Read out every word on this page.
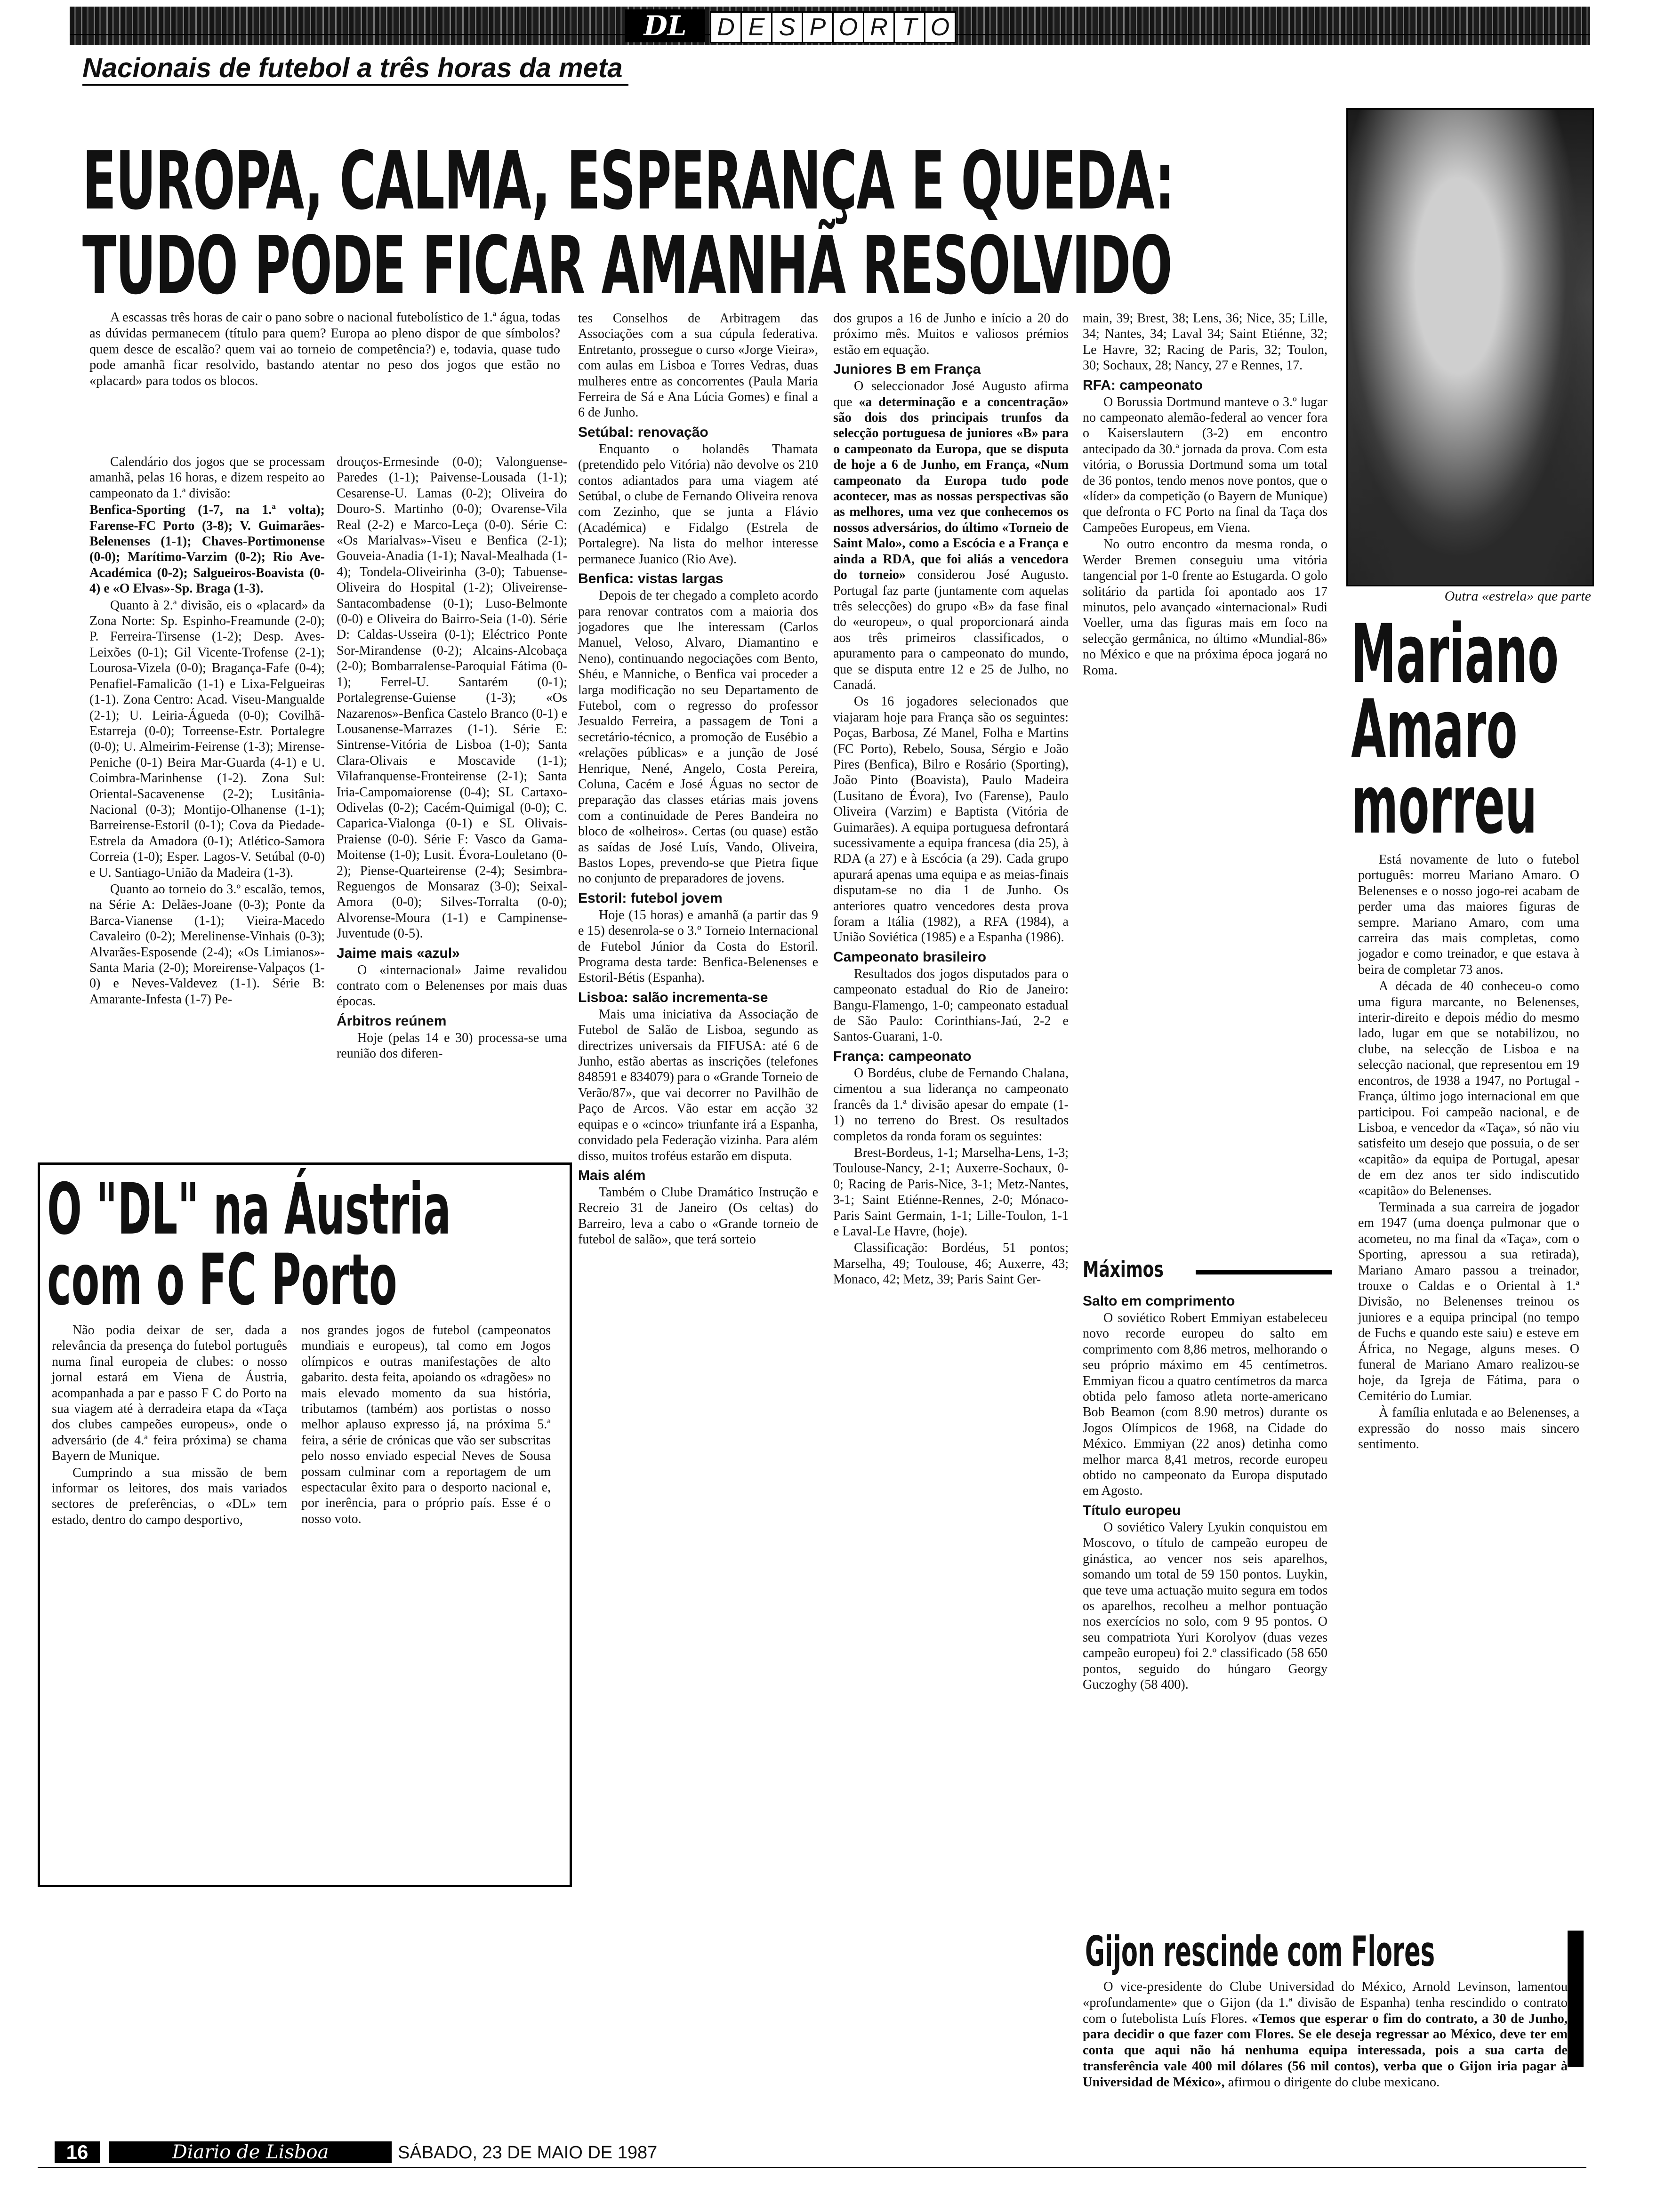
DL	D E S P O R T O
Nacionais de futebol a três horas da meta
EUROPA, CALMA, ESPERANÇA E QUEDA:
TUDO PODE FICAR AMANHÃ RESOLVIDO

A escassas três horas de cair o pano sobre o nacional futebolístico de 1.ª água, todas as dúvidas permanecem (título para quem? Europa ao pleno dispor de que símbolos? quem desce de escalão? quem vai ao torneio de competência?) e, todavia, quase tudo pode amanhã ficar resolvido, bastando atentar no peso dos jogos que estão no «placard» para todos os blocos.

Calendário dos jogos que se processam amanhã, pelas 16 horas, e dizem respeito ao campeonato da 1.ª divisão:

Benfica-Sporting (1-7, na 1.ª volta); Farense-FC Porto (3-8); V. Guimarães-Belenenses (1-1); Chaves-Portimonense (0-0); Marítimo-Varzim (0-2); Rio Ave-Académica (0-2); Salgueiros-Boavista (0-4) e «O Elvas»-Sp. Braga (1-3).

Quanto à 2.ª divisão, eis o «placard» da Zona Norte: Sp. Espinho-Freamunde (2-0); P. Ferreira-Tirsense (1-2); Desp. Aves-Leixões (0-1); Gil Vicente-Trofense (2-1); Lourosa-Vizela (0-0); Bragança-Fafe (0-4); Penafiel-Famalicão (1-1) e Lixa-Felgueiras (1-1). Zona Centro: Acad. Viseu-Mangualde (2-1); U. Leiria-Águeda (0-0); Covilhã-Estarreja (0-0); Torreense-Estr. Portalegre (0-0); U. Almeirim-Feirense (1-3); Mirense-Peniche (0-1) Beira Mar-Guarda (4-1) e U. Coimbra-Marinhense (1-2). Zona Sul: Oriental-Sacavenense (2-2); Lusitânia-Nacional (0-3); Montijo-Olhanense (1-1); Barreirense-Estoril (0-1); Cova da Piedade-Estrela da Amadora (0-1); Atlético-Samora Correia (1-0); Esper. Lagos-V. Setúbal (0-0) e U. Santiago-União da Madeira (1-3).

Quanto ao torneio do 3.º escalão, temos, na Série A: Delães-Joane (0-3); Ponte da Barca-Vianense (1-1); Vieira-Macedo Cavaleiro (0-2); Merelinense-Vinhais (0-3); Alvarães-Esposende (2-4); «Os Limianos»-Santa Maria (2-0); Moreirense-Valpaços (1-0) e Neves-Valdevez (1-1). Série B: Amarante-Infesta (1-7) Pe-

drouços-Ermesinde (0-0); Valonguense-Paredes (1-1); Paivense-Lousada (1-1); Cesarense-U. Lamas (0-2); Oliveira do Douro-S. Martinho (0-0); Ovarense-Vila Real (2-2) e Marco-Leça (0-0). Série C: «Os Marialvas»-Viseu e Benfica (2-1); Gouveia-Anadia (1-1); Naval-Mealhada (1-4); Tondela-Oliveirinha (3-0); Tabuense-Oliveira do Hospital (1-2); Oliveirense-Santacombadense (0-1); Luso-Belmonte (0-0) e Oliveira do Bairro-Seia (1-0). Série D: Caldas-Usseira (0-1); Eléctrico Ponte Sor-Mirandense (0-2); Alcains-Alcobaça (2-0); Bombarralense-Paroquial Fátima (0-1); Ferrel-U. Santarém (0-1); Portalegrense-Guiense (1-3); «Os Nazarenos»-Benfica Castelo Branco (0-1) e Lousanense-Marrazes (1-1). Série E: Sintrense-Vitória de Lisboa (1-0); Santa Clara-Olivais e Moscavide (1-1); Vilafranquense-Fronteirense (2-1); Santa Iria-Campomaiorense (0-4); SL Cartaxo-Odivelas (0-2); Cacém-Quimigal (0-0); C. Caparica-Vialonga (0-1) e SL Olivais-Praiense (0-0). Série F: Vasco da Gama-Moitense (1-0); Lusit. Évora-Louletano (0-2); Piense-Quarteirense (2-4); Sesimbra-Reguengos de Monsaraz (3-0); Seixal-Amora (0-0); Silves-Torralta (0-0); Alvorense-Moura (1-1) e Campinense-Juventude (0-5).

Jaime mais «azul»

O «internacional» Jaime revalidou contrato com o Belenenses por mais duas épocas.

Árbitros reúnem

Hoje (pelas 14 e 30) processa-se uma reunião dos diferen-

tes Conselhos de Arbitragem das Associações com a sua cúpula federativa. Entretanto, prossegue o curso «Jorge Vieira», com aulas em Lisboa e Torres Vedras, duas mulheres entre as concorrentes (Paula Maria Ferreira de Sá e Ana Lúcia Gomes) e final a 6 de Junho.

Setúbal: renovação

Enquanto o holandês Thamata (pretendido pelo Vitória) não devolve os 210 contos adiantados para uma viagem até Setúbal, o clube de Fernando Oliveira renova com Zezinho, que se junta a Flávio (Académica) e Fidalgo (Estrela de Portalegre). Na lista do melhor interesse permanece Juanico (Rio Ave).

Benfica: vistas largas

Depois de ter chegado a completo acordo para renovar contratos com a maioria dos jogadores que lhe interessam (Carlos Manuel, Veloso, Alvaro, Diamantino e Neno), continuando negociações com Bento, Shéu, e Manniche, o Benfica vai proceder a larga modificação no seu Departamento de Futebol, com o regresso do professor Jesualdo Ferreira, a passagem de Toni a secretário-técnico, a promoção de Eusébio a «relações públicas» e a junção de José Henrique, Nené, Angelo, Costa Pereira, Coluna, Cacém e José Águas no sector de preparação das classes etárias mais jovens com a continuidade de Peres Bandeira no bloco de «olheiros». Certas (ou quase) estão as saídas de José Luís, Vando, Oliveira, Bastos Lopes, prevendo-se que Pietra fique no conjunto de preparadores de jovens.

Estoril: futebol jovem

Hoje (15 horas) e amanhã (a partir das 9 e 15) desenrola-se o 3.º Torneio Internacional de Futebol Júnior da Costa do Estoril. Programa desta tarde: Benfica-Belenenses e Estoril-Bétis (Espanha).

Lisboa: salão incrementa-se

Mais uma iniciativa da Associação de Futebol de Salão de Lisboa, segundo as directrizes universais da FIFUSA: até 6 de Junho, estão abertas as inscrições (telefones 848591 e 834079) para o «Grande Torneio de Verão/87», que vai decorrer no Pavilhão de Paço de Arcos. Vão estar em acção 32 equipas e o «cinco» triunfante irá a Espanha, convidado pela Federação vizinha. Para além disso, muitos troféus estarão em disputa.

Mais além

Também o Clube Dramático Instrução e Recreio 31 de Janeiro (Os celtas) do Barreiro, leva a cabo o «Grande torneio de futebol de salão», que terá sorteio

dos grupos a 16 de Junho e início a 20 do próximo mês. Muitos e valiosos prémios estão em equação.

Juniores B em França

O seleccionador José Augusto afirma que «a determinação e a concentração» são dois dos principais trunfos da selecção portuguesa de juniores «B» para o campeonato da Europa, que se disputa de hoje a 6 de Junho, em França, «Num campeonato da Europa tudo pode acontecer, mas as nossas perspectivas são as melhores, uma vez que conhecemos os nossos adversários, do último «Torneio de Saint Malo», como a Escócia e a França e ainda a RDA, que foi aliás a vencedora do torneio» considerou José Augusto. Portugal faz parte (juntamente com aquelas três selecções) do grupo «B» da fase final do «europeu», o qual proporcionará ainda aos três primeiros classificados, o apuramento para o campeonato do mundo, que se disputa entre 12 e 25 de Julho, no Canadá.

Os 16 jogadores selecionados que viajaram hoje para França são os seguintes: Poças, Barbosa, Zé Manel, Folha e Martins (FC Porto), Rebelo, Sousa, Sérgio e João Pires (Benfica), Bilro e Rosário (Sporting), João Pinto (Boavista), Paulo Madeira (Lusitano de Évora), Ivo (Farense), Paulo Oliveira (Varzim) e Baptista (Vitória de Guimarães). A equipa portuguesa defrontará sucessivamente a equipa francesa (dia 25), à RDA (a 27) e à Escócia (a 29). Cada grupo apurará apenas uma equipa e as meias-finais disputam-se no dia 1 de Junho. Os anteriores quatro vencedores desta prova foram a Itália (1982), a RFA (1984), a União Soviética (1985) e a Espanha (1986).

Campeonato brasileiro

Resultados dos jogos disputados para o campeonato estadual do Rio de Janeiro: Bangu-Flamengo, 1-0; campeonato estadual de São Paulo: Corinthians-Jaú, 2-2 e Santos-Guarani, 1-0.

França: campeonato

O Bordéus, clube de Fernando Chalana, cimentou a sua liderança no campeonato francês da 1.ª divisão apesar do empate (1-1) no terreno do Brest. Os resultados completos da ronda foram os seguintes:

Brest-Bordeus, 1-1; Marselha-Lens, 1-3; Toulouse-Nancy, 2-1; Auxerre-Sochaux, 0-0; Racing de Paris-Nice, 3-1; Metz-Nantes, 3-1; Saint Etiénne-Rennes, 2-0; Mónaco-Paris Saint Germain, 1-1; Lille-Toulon, 1-1 e Laval-Le Havre, (hoje).

Classificação: Bordéus, 51 pontos; Marselha, 49; Toulouse, 46; Auxerre, 43; Monaco, 42; Metz, 39; Paris Saint Ger-

main, 39; Brest, 38; Lens, 36; Nice, 35; Lille, 34; Nantes, 34; Laval 34; Saint Etiénne, 32; Le Havre, 32; Racing de Paris, 32; Toulon, 30; Sochaux, 28; Nancy, 27 e Rennes, 17.

RFA: campeonato

O Borussia Dortmund manteve o 3.º lugar no campeonato alemão-federal ao vencer fora o Kaiserslautern (3-2) em encontro antecipado da 30.ª jornada da prova. Com esta vitória, o Borussia Dortmund soma um total de 36 pontos, tendo menos nove pontos, que o «líder» da competição (o Bayern de Munique) que defronta o FC Porto na final da Taça dos Campeões Europeus, em Viena.

No outro encontro da mesma ronda, o Werder Bremen conseguiu uma vitória tangencial por 1-0 frente ao Estugarda. O golo solitário da partida foi apontado aos 17 minutos, pelo avançado «internacional» Rudi Voeller, uma das figuras mais em foco na selecção germânica, no último «Mundial-86» no México e que na próxima época jogará no Roma.

Máximos
Salto em comprimento

O soviético Robert Emmiyan estabeleceu novo recorde europeu do salto em comprimento com 8,86 metros, melhorando o seu próprio máximo em 45 centímetros. Emmiyan ficou a quatro centímetros da marca obtida pelo famoso atleta norte-americano Bob Beamon (com 8.90 metros) durante os Jogos Olímpicos de 1968, na Cidade do México. Emmiyan (22 anos) detinha como melhor marca 8,41 metros, recorde europeu obtido no campeonato da Europa disputado em Agosto.

Título europeu

O soviético Valery Lyukin conquistou em Moscovo, o título de campeão europeu de ginástica, ao vencer nos seis aparelhos, somando um total de 59 150 pontos. Luykin, que teve uma actuação muito segura em todos os aparelhos, recolheu a melhor pontuação nos exercícios no solo, com 9 95 pontos. O seu compatriota Yuri Korolyov (duas vezes campeão europeu) foi 2.º classificado (58 650 pontos, seguido do húngaro Georgy Guczoghy (58 400).

Outra «estrela» que parte
Mariano
Amaro
morreu

Está novamente de luto o futebol português: morreu Mariano Amaro. O Belenenses e o nosso jogo-rei acabam de perder uma das maiores figuras de sempre. Mariano Amaro, com uma carreira das mais completas, como jogador e como treinador, e que estava à beira de completar 73 anos.

A década de 40 conheceu-o como uma figura marcante, no Belenenses, interir-direito e depois médio do mesmo lado, lugar em que se notabilizou, no clube, na selecção de Lisboa e na selecção nacional, que representou em 19 encontros, de 1938 a 1947, no Portugal - França, último jogo internacional em que participou. Foi campeão nacional, e de Lisboa, e vencedor da «Taça», só não viu satisfeito um desejo que possuia, o de ser «capitão» da equipa de Portugal, apesar de em dez anos ter sido indiscutido «capitão» do Belenenses.

Terminada a sua carreira de jogador em 1947 (uma doença pulmonar que o acometeu, no ma final da «Taça», com o Sporting, apressou a sua retirada), Mariano Amaro passou a treinador, trouxe o Caldas e o Oriental à 1.ª Divisão, no Belenenses treinou os juniores e a equipa principal (no tempo de Fuchs e quando este saiu) e esteve em África, no Negage, alguns meses. O funeral de Mariano Amaro realizou-se hoje, da Igreja de Fátima, para o Cemitério do Lumiar.

À família enlutada e ao Belenenses, a expressão do nosso mais sincero sentimento.

O "DL" na Áustria
com o FC Porto

Não podia deixar de ser, dada a relevância da presença do futebol português numa final europeia de clubes: o nosso jornal estará em Viena de Áustria, acompanhada a par e passo F C do Porto na sua viagem até à derradeira etapa da «Taça dos clubes campeões europeus», onde o adversário (de 4.ª feira próxima) se chama Bayern de Munique.

Cumprindo a sua missão de bem informar os leitores, dos mais variados sectores de preferências, o «DL» tem estado, dentro do campo desportivo,

nos grandes jogos de futebol (campeonatos mundiais e europeus), tal como em Jogos olímpicos e outras manifestações de alto gabarito. desta feita, apoiando os «dragões» no mais elevado momento da sua história, tributamos (também) aos portistas o nosso melhor aplauso expresso já, na próxima 5.ª feira, a série de crónicas que vão ser subscritas pelo nosso enviado especial Neves de Sousa possam culminar com a reportagem de um espectacular êxito para o desporto nacional e, por inerência, para o próprio país. Esse é o nosso voto.

Gijon rescinde com Flores

O vice-presidente do Clube Universidad do México, Arnold Levinson, lamentou «profundamente» que o Gijon (da 1.ª divisão de Espanha) tenha rescindido o contrato com o futebolista Luís Flores. «Temos que esperar o fim do contrato, a 30 de Junho, para decidir o que fazer com Flores. Se ele deseja regressar ao México, deve ter em conta que aqui não há nenhuma equipa interessada, pois a sua carta de transferência vale 400 mil dólares (56 mil contos), verba que o Gijon iria pagar à Universidad de México», afirmou o dirigente do clube mexicano.

16	Diario de Lisboa	SÁBADO, 23 DE MAIO DE 1987
